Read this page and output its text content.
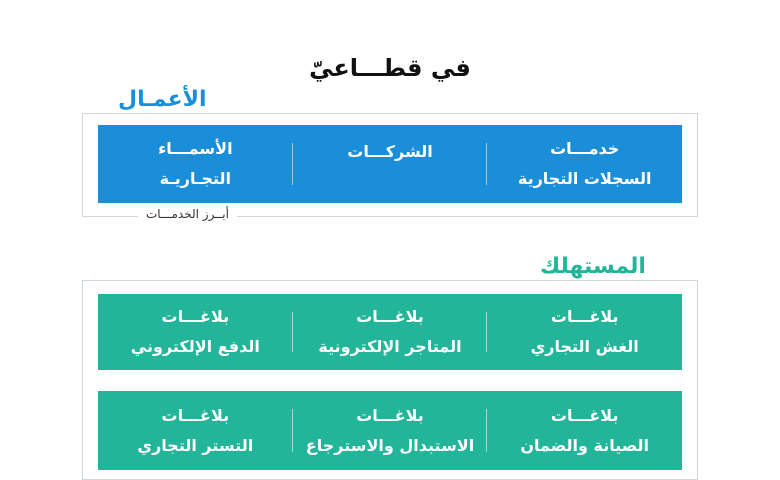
في قطـــاعيّ
الأعمـال
خدمـــات
السجلات التجارية
الشركـــات
الأسمـــاء
التجـاريـة
أبــرز الخدمـــات
المستهلك
بلاغـــات
الغش التجاري
بلاغـــات
المتاجر الإلكترونية
بلاغـــات
الدفع الإلكتروني
بلاغـــات
الصيانة والضمان
بلاغـــات
الاستبدال والاسترجاع
بلاغـــات
التستر التجاري
